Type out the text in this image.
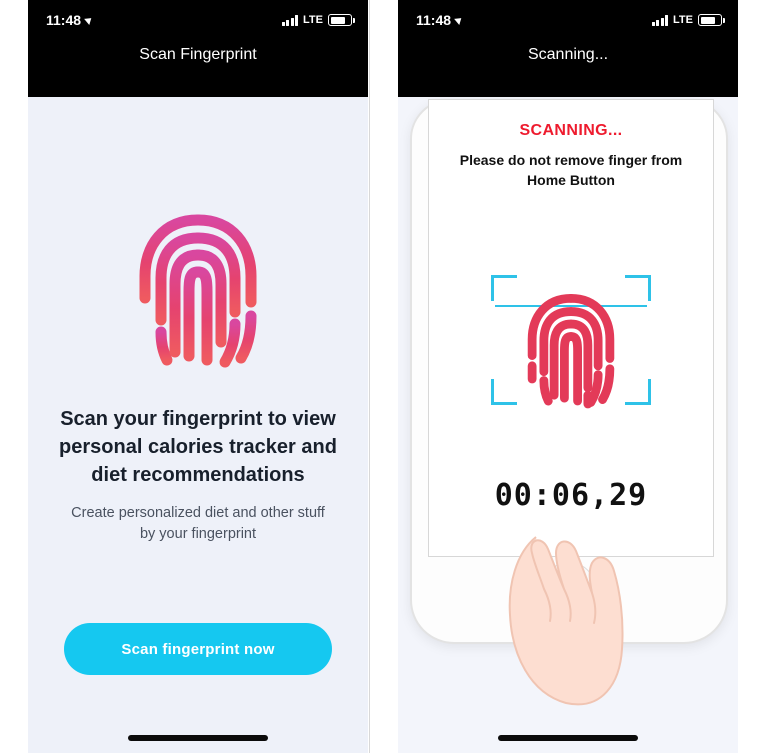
11:48	LTE
Scan Fingerprint
Scan your fingerprint to view personal calories tracker and diet recommendations
Create personalized diet and other stuff by your fingerprint
Scan fingerprint now
11:48	LTE
Scanning...
SCANNING...
Please do not remove finger from Home Button
00:06,29
